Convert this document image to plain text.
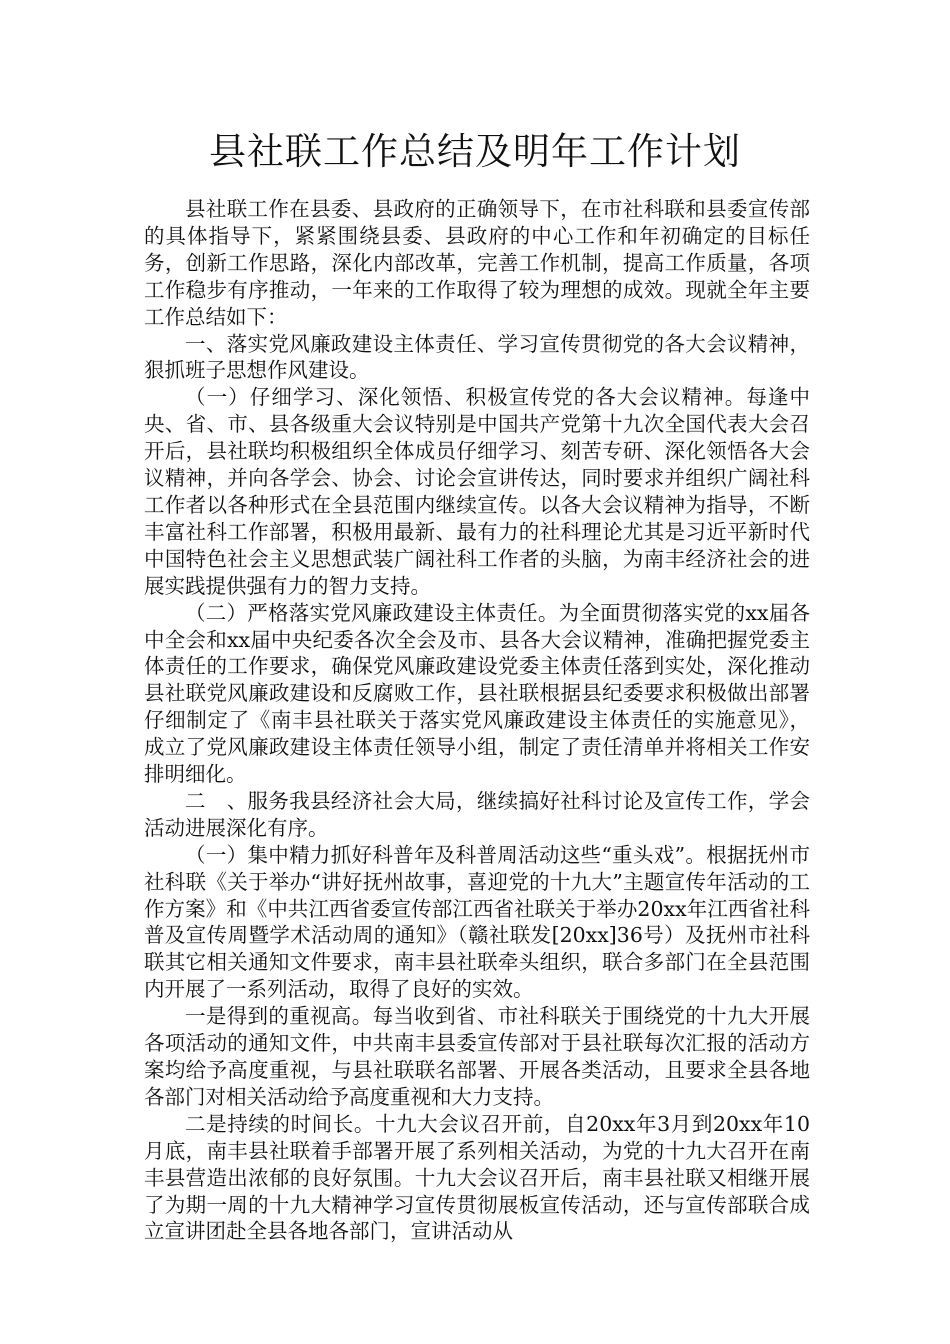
县社联工作总结及明年工作计划

县社联工作在县委、县政府的正确领导下，在市社科联和县委宣传部的具体指导下，紧紧围绕县委、县政府的中心工作和年初确定的目标任务，创新工作思路，深化内部改革，完善工作机制，提高工作质量，各项工作稳步有序推动，一年来的工作取得了较为理想的成效。现就全年主要工作总结如下：

一、落实党风廉政建设主体责任、学习宣传贯彻党的各大会议精神，狠抓班子思想作风建设。

（一）仔细学习、深化领悟、积极宣传党的各大会议精神。每逢中央、省、市、县各级重大会议特别是中国共产党第十九次全国代表大会召开后，县社联均积极组织全体成员仔细学习、刻苦专研、深化领悟各大会议精神，并向各学会、协会、讨论会宣讲传达，同时要求并组织广阔社科工作者以各种形式在全县范围内继续宣传。以各大会议精神为指导，不断丰富社科工作部署，积极用最新、最有力的社科理论尤其是习近平新时代中国特色社会主义思想武装广阔社科工作者的头脑，为南丰经济社会的进展实践提供强有力的智力支持。

（二）严格落实党风廉政建设主体责任。为全面贯彻落实党的xx届各中全会和xx届中央纪委各次全会及市、县各大会议精神，准确把握党委主体责任的工作要求，确保党风廉政建设党委主体责任落到实处，深化推动县社联党风廉政建设和反腐败工作，县社联根据县纪委要求积极做出部署仔细制定了《南丰县社联关于落实党风廉政建设主体责任的实施意见》，成立了党风廉政建设主体责任领导小组，制定了责任清单并将相关工作安排明细化。

二　、服务我县经济社会大局，继续搞好社科讨论及宣传工作，学会活动进展深化有序。

（一）集中精力抓好科普年及科普周活动这些“重头戏”。根据抚州市社科联《关于举办“讲好抚州故事，喜迎党的十九大”主题宣传年活动的工作方案》和《中共江西省委宣传部江西省社联关于举办20xx年江西省社科普及宣传周暨学术活动周的通知》（赣社联发[20xx]36号）及抚州市社科联其它相关通知文件要求，南丰县社联牵头组织，联合多部门在全县范围内开展了一系列活动，取得了良好的实效。

一是得到的重视高。每当收到省、市社科联关于围绕党的十九大开展各项活动的通知文件，中共南丰县委宣传部对于县社联每次汇报的活动方案均给予高度重视，与县社联联名部署、开展各类活动，且要求全县各地各部门对相关活动给予高度重视和大力支持。

二是持续的时间长。十九大会议召开前，自20xx年3月到20xx年10月底，南丰县社联着手部署开展了系列相关活动，为党的十九大召开在南丰县营造出浓郁的良好氛围。十九大会议召开后，南丰县社联又相继开展了为期一周的十九大精神学习宣传贯彻展板宣传活动，还与宣传部联合成立宣讲团赴全县各地各部门，宣讲活动从
